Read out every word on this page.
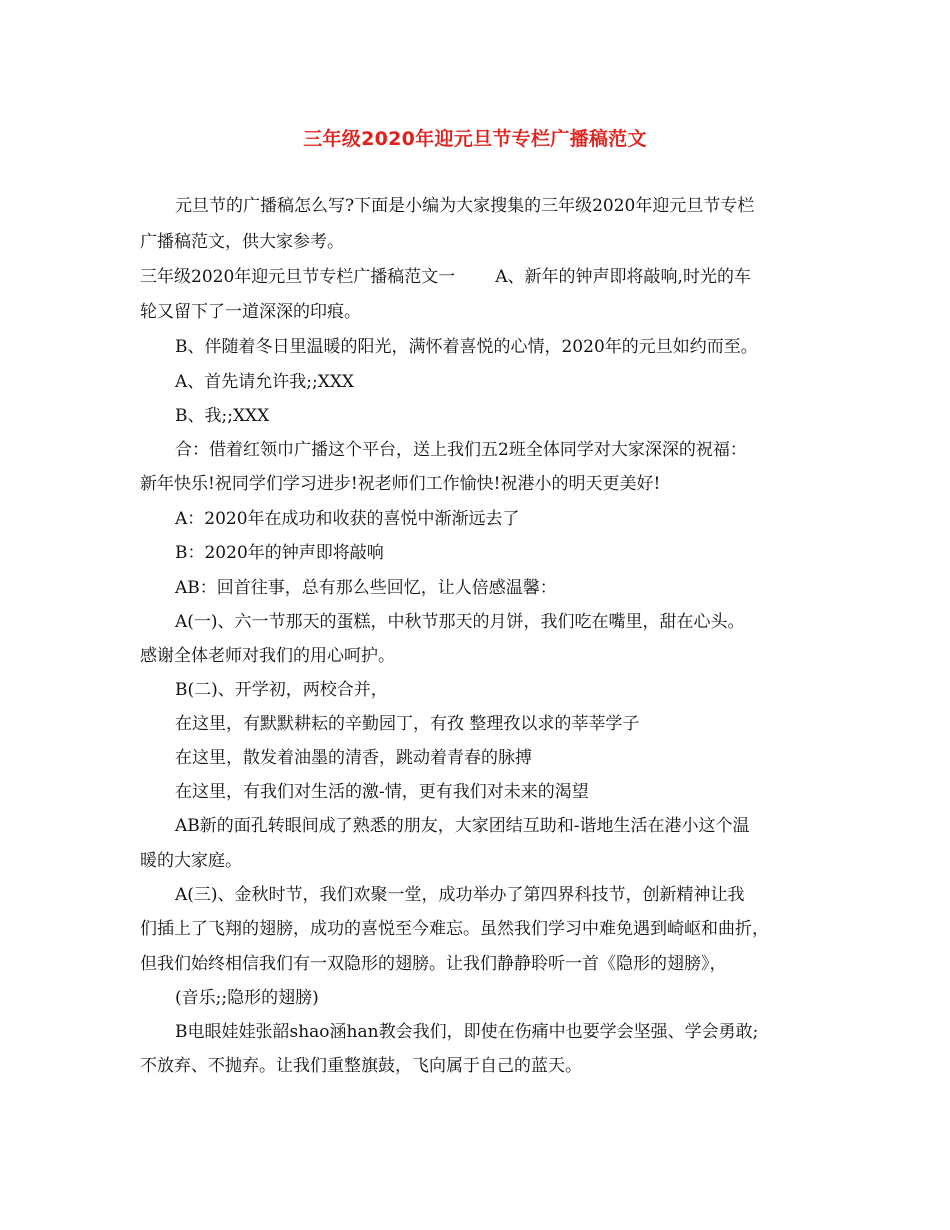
三年级2020年迎元旦节专栏广播稿范文
元旦节的广播稿怎么写?下面是小编为大家搜集的三年级2020年迎元旦节专栏
广播稿范文，供大家参考。
三年级2020年迎元旦节专栏广播稿范文一 A、新年的钟声即将敲响,时光的车
轮又留下了一道深深的印痕。
B、伴随着冬日里温暖的阳光，满怀着喜悦的心情，2020年的元旦如约而至。
A、首先请允许我;;XXX
B、我;;XXX
合：借着红领巾广播这个平台，送上我们五2班全体同学对大家深深的祝福：
新年快乐!祝同学们学习进步!祝老师们工作愉快!祝港小的明天更美好!
A：2020年在成功和收获的喜悦中渐渐远去了
B：2020年的钟声即将敲响
AB：回首往事，总有那么些回忆，让人倍感温馨：
A(一)、六一节那天的蛋糕，中秋节那天的月饼，我们吃在嘴里，甜在心头。
感谢全体老师对我们的用心呵护。
B(二)、开学初，两校合并，
在这里，有默默耕耘的辛勤园丁，有孜 整理孜以求的莘莘学子
在这里，散发着油墨的清香，跳动着青春的脉搏
在这里，有我们对生活的激-情，更有我们对未来的渴望
AB新的面孔转眼间成了熟悉的朋友，大家团结互助和-谐地生活在港小这个温
暖的大家庭。
A(三)、金秋时节，我们欢聚一堂，成功举办了第四界科技节，创新精神让我
们插上了飞翔的翅膀，成功的喜悦至今难忘。虽然我们学习中难免遇到崎岖和曲折，
但我们始终相信我们有一双隐形的翅膀。让我们静静聆听一首《隐形的翅膀》，
(音乐;;隐形的翅膀)
B电眼娃娃张韶shao涵han教会我们，即使在伤痛中也要学会坚强、学会勇敢;
不放弃、不抛弃。让我们重整旗鼓，飞向属于自己的蓝天。
